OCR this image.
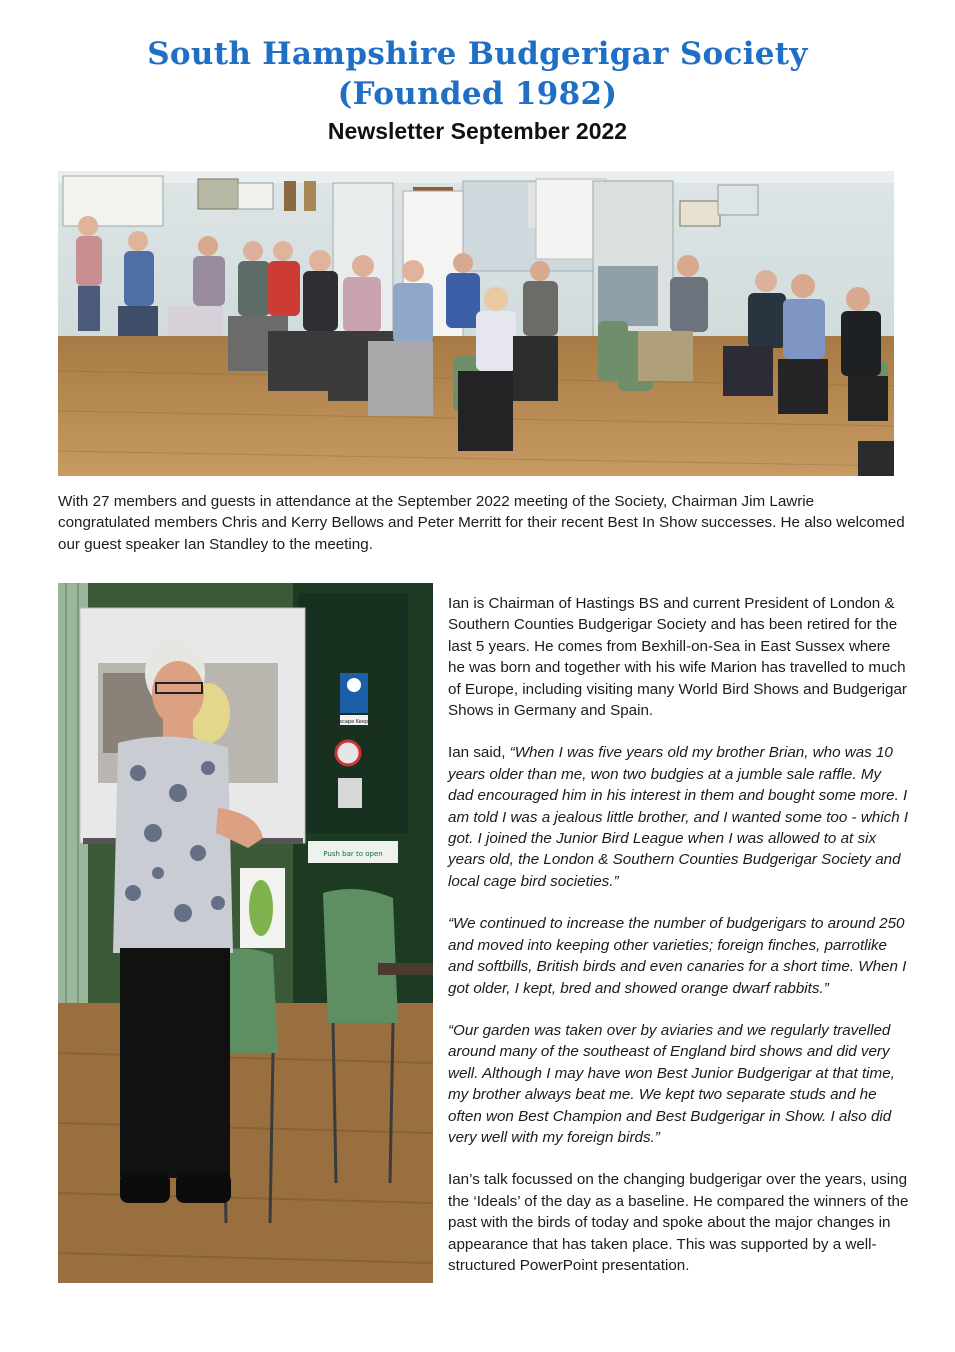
South Hampshire Budgerigar Society
(Founded 1982)
Newsletter September 2022

With 27 members and guests in attendance at the September 2022 meeting of the Society, Chairman Jim Lawrie congratulated members Chris and Kerry Bellows and Peter Merritt for their recent Best In Show successes. He also welcomed our guest speaker Ian Standley to the meeting.

Fire escape Keep clear
Push bar to open

Ian is Chairman of Hastings BS and current President of London & Southern Counties Budgerigar Society and has been retired for the last 5 years. He comes from Bexhill-on-Sea in East Sussex where he was born and together with his wife Marion has travelled to much of Europe, including visiting many World Bird Shows and Budgerigar Shows in Germany and Spain.

Ian said, “When I was five years old my brother Brian, who was 10 years older than me, won two budgies at a jumble sale raffle. My dad encouraged him in his interest in them and bought some more. I am told I was a jealous little brother, and I wanted some too - which I got. I joined the Junior Bird League when I was allowed to at six years old, the London & Southern Counties Budgerigar Society and local cage bird societies.”

“We continued to increase the number of budgerigars to around 250 and moved into keeping other varieties; foreign finches, parrotlike and softbills, British birds and even canaries for a short time. When I got older, I kept, bred and showed orange dwarf rabbits.”

“Our garden was taken over by aviaries and we regularly travelled around many of the southeast of England bird shows and did very well. Although I may have won Best Junior Budgerigar at that time, my brother always beat me. We kept two separate studs and he often won Best Champion and Best Budgerigar in Show. I also did very well with my foreign birds.”

Ian’s talk focussed on the changing budgerigar over the years, using the ‘Ideals’ of the day as a baseline. He compared the winners of the past with the birds of today and spoke about the major changes in appearance that has taken place. This was supported by a well-structured PowerPoint presentation.
